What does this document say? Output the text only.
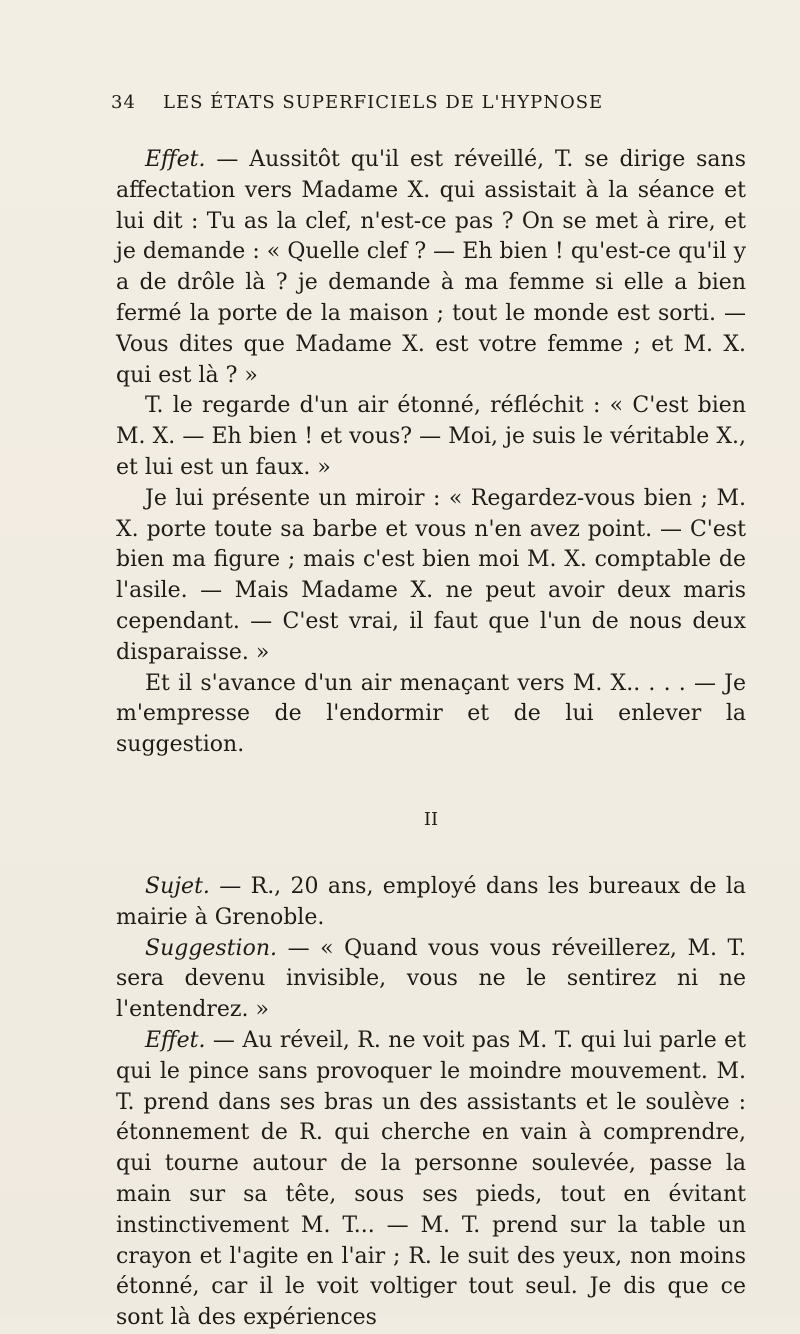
34 LES ÉTATS SUPERFICIELS DE L'HYPNOSE

Effet. — Aussitôt qu'il est réveillé, T. se dirige sans affectation vers Madame X. qui assistait à la séance et lui dit : Tu as la clef, n'est-ce pas ? On se met à rire, et je demande : « Quelle clef ? — Eh bien ! qu'est-ce qu'il y a de drôle là ? je demande à ma femme si elle a bien fermé la porte de la maison ; tout le monde est sorti. — Vous dites que Madame X. est votre femme ; et M. X. qui est là ? »

T. le regarde d'un air étonné, réfléchit : « C'est bien M. X. — Eh bien ! et vous? — Moi, je suis le véritable X., et lui est un faux. »

Je lui présente un miroir : « Regardez-vous bien ; M. X. porte toute sa barbe et vous n'en avez point. — C'est bien ma figure ; mais c'est bien moi M. X. comptable de l'asile. — Mais Madame X. ne peut avoir deux maris cependant. — C'est vrai, il faut que l'un de nous deux disparaisse. »

Et il s'avance d'un air menaçant vers M. X.. . . . — Je m'empresse de l'endormir et de lui enlever la suggestion.

II

Sujet. — R., 20 ans, employé dans les bureaux de la mairie à Grenoble.

Suggestion. — « Quand vous vous réveillerez, M. T. sera devenu invisible, vous ne le sentirez ni ne l'entendrez. »

Effet. — Au réveil, R. ne voit pas M. T. qui lui parle et qui le pince sans provoquer le moindre mouvement. M. T. prend dans ses bras un des assistants et le soulève : étonnement de R. qui cherche en vain à comprendre, qui tourne autour de la personne soulevée, passe la main sur sa tête, sous ses pieds, tout en évitant instinctivement M. T... — M. T. prend sur la table un crayon et l'agite en l'air ; R. le suit des yeux, non moins étonné, car il le voit voltiger tout seul. Je dis que ce sont là des expériences
